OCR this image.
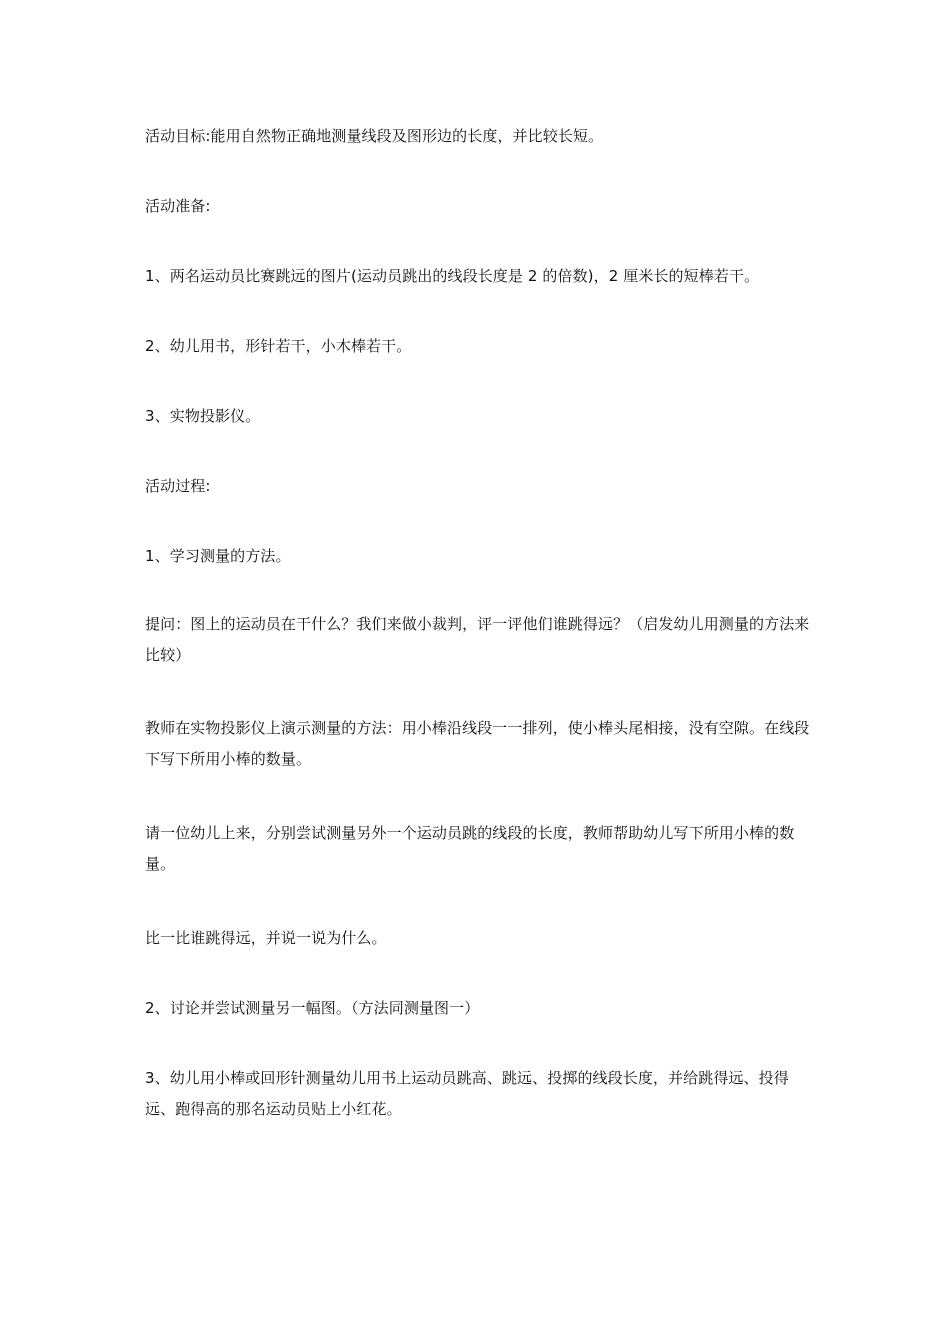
活动目标:能用自然物正确地测量线段及图形边的长度，并比较长短。

活动准备:

1、两名运动员比赛跳远的图片(运动员跳出的线段长度是 2 的倍数)，2 厘米长的短棒若干。

2、幼儿用书，形针若干，小木棒若干。

3、实物投影仪。

活动过程:

1、学习测量的方法。

提问：图上的运动员在干什么？我们来做小裁判，评一评他们谁跳得远？（启发幼儿用测量的方法来比较）

教师在实物投影仪上演示测量的方法：用小棒沿线段一一排列，使小棒头尾相接，没有空隙。在线段下写下所用小棒的数量。

请一位幼儿上来，分别尝试测量另外一个运动员跳的线段的长度，教师帮助幼儿写下所用小棒的数量。

比一比谁跳得远，并说一说为什么。

2、讨论并尝试测量另一幅图。（方法同测量图一）

3、幼儿用小棒或回形针测量幼儿用书上运动员跳高、跳远、投掷的线段长度，并给跳得远、投得远、跑得高的那名运动员贴上小红花。
